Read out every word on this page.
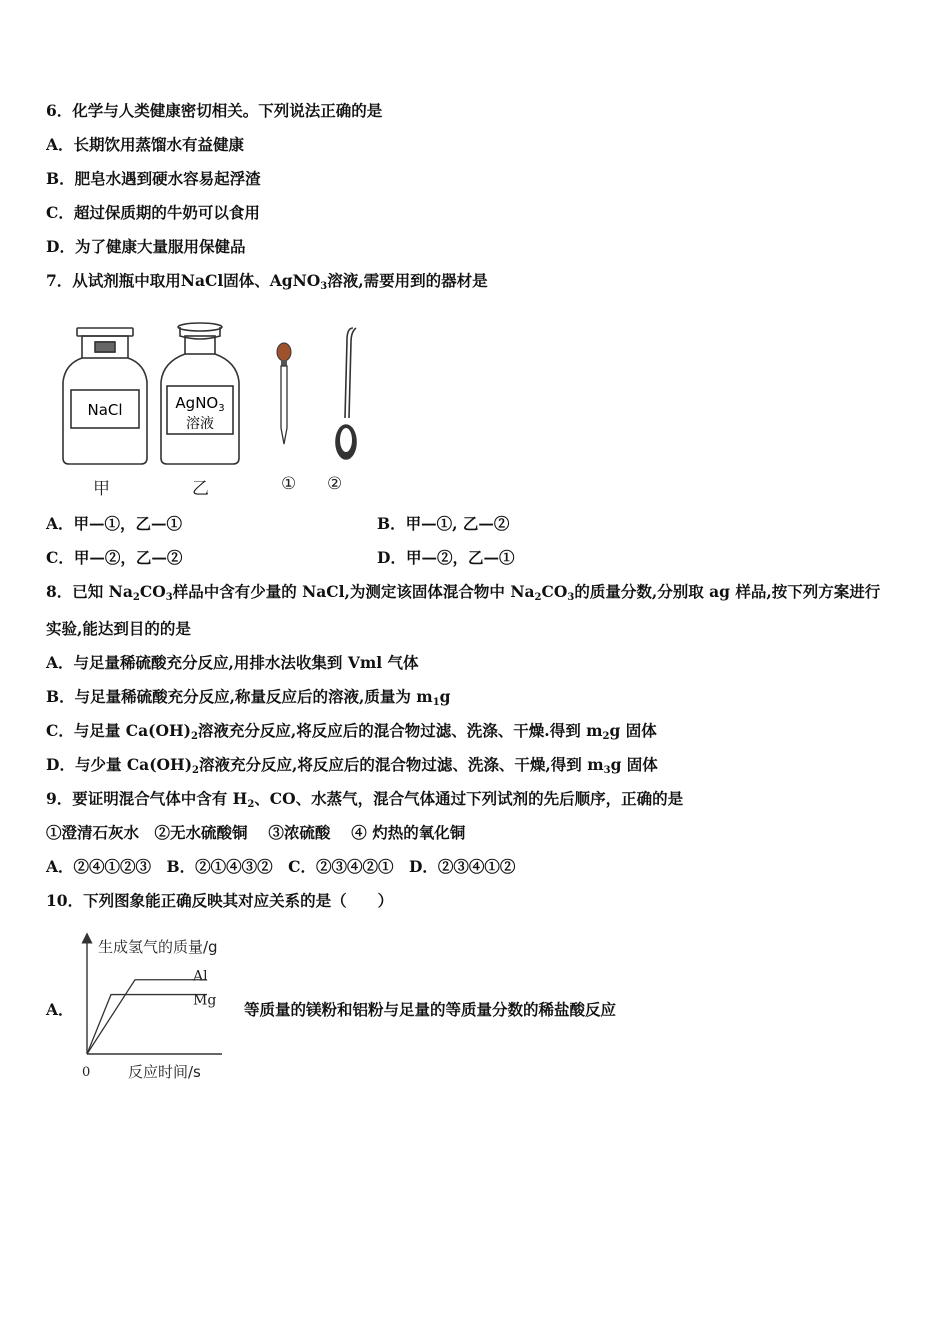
6．化学与人类健康密切相关。下列说法正确的是
A．长期饮用蒸馏水有益健康
B．肥皂水遇到硬水容易起浮渣
C．超过保质期的牛奶可以食用
D．为了健康大量服用保健品
7．从试剂瓶中取用NaCl固体、AgNO$_3$溶液,需要用到的器材是
NaCl	AgNO$_3$
溶液
甲	乙	① ②
A．甲—①，乙—①	B．甲—①, 乙—②
C．甲—②，乙—②	D．甲—②，乙—①
8．已知 $Na_2CO_3$样品中含有少量的 NaCl,为测定该固体混合物中 $Na_2CO_3$的质量分数,分别取 ag 样品,按下列方案进行
实验,能达到目的的是
A．与足量稀硫酸充分反应,用排水法收集到 Vml 气体
B．与足量稀硫酸充分反应,称量反应后的溶液,质量为 $m_1g$
C．与足量 $Ca(OH)_2$溶液充分反应,将反应后的混合物过滤、洗涤、干燥.得到 $m_2g$ 固体
D．与少量 $Ca(OH)_2$溶液充分反应,将反应后的混合物过滤、洗涤、干燥,得到 $m_3g$ 固体
9．要证明混合气体中含有 $H_2$、CO、水蒸气，混合气体通过下列试剂的先后顺序，正确的是
①澄清石灰水　②无水硫酸铜　 ③浓硫酸　 ④ 灼热的氧化铜
A．②④①②③　B．②①④③②　C．②③④②①　D．②③④①②
10．下列图象能正确反映其对应关系的是（　　）
A．
生成氢气的质量/g
反应时间/s
0
Al
Mg 等质量的镁粉和铝粉与足量的等质量分数的稀盐酸反应
